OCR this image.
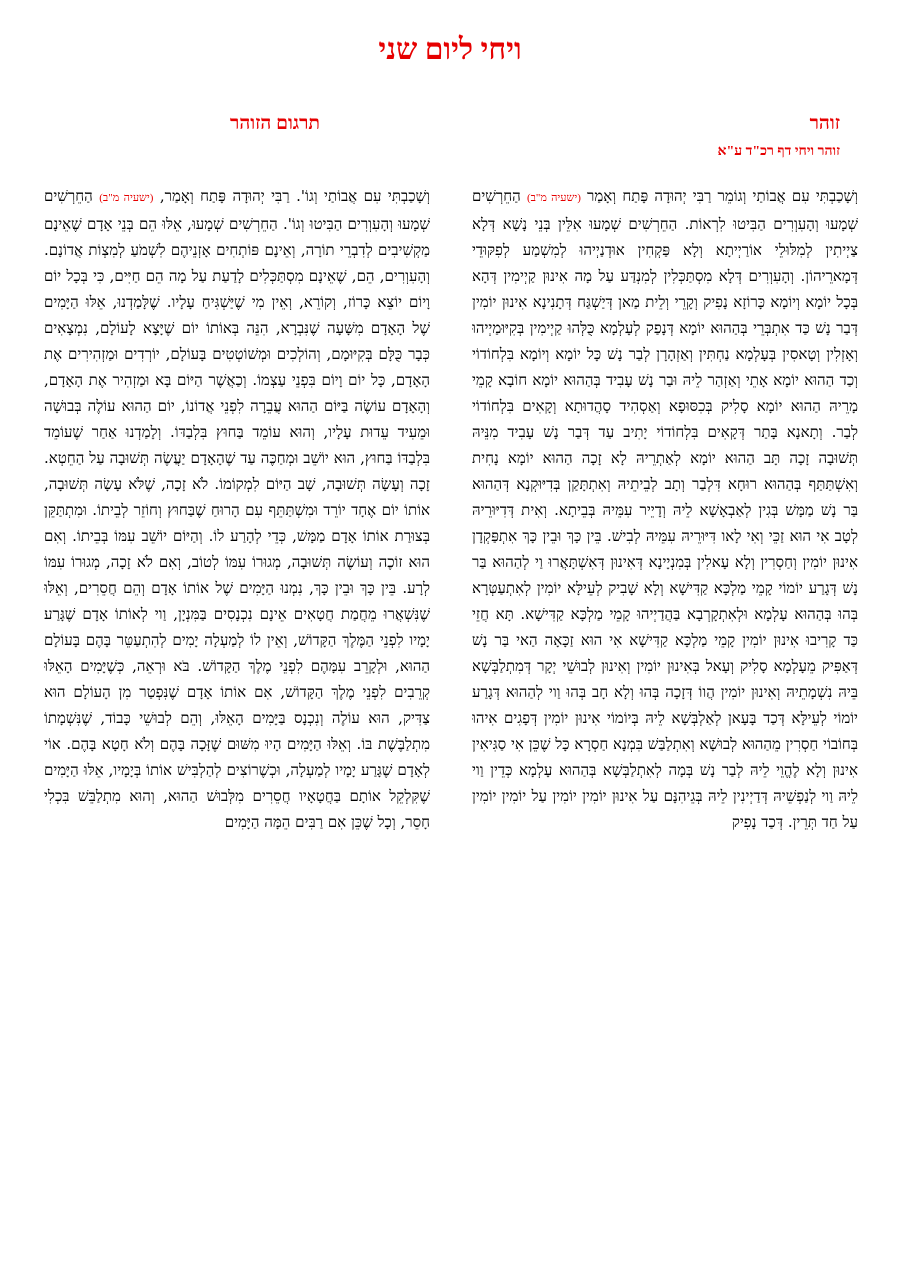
ויחי ליום שני
זוהר
תרגום הזוהר
זוהר ויחי דף רכ"ד ע"א

וְשָׁכַבְתִּי עִם אֲבוֹתַי וְגוֹמֵר רַבִּי יְהוּדָה פָּתַח וְאָמַר (ישעיה מ"ב) הַחֵרְשִׁים שְׁמָעוּ וְהָעִוְרִים הַבִּיטוּ לִרְאוֹת. הַחֵרְשִׁים שְׁמָעוּ אִלֵּין בְּנֵי נָשָׁא דְּלָא צַיְיתִין לְמִלּוּלֵי אוֹרַיְיתָא וְלָא פַּקְחִין אוּדְנַיְיהוּ לְמִשְׁמַע לְפִקּוּדֵי דְּמָארֵיהוֹן. וְהָעִוְרִים דְּלָא מִסְתַּכְּלִין לְמִנְדַּע עַל מָה אִינוּן קַיְימִין דְּהָא בְּכָל יוֹמָא וְיוֹמָא כָּרוֹזָא נָפִיק וְקָרֵי וְלֵית מַאן דְּיַשְׁגַּח דְּתָנִינָא אִינוּן יוֹמִין דְּבַר נָשׁ כַּד אִתְבְּרֵי בְּהַהוּא יוֹמָא דְּנָפַק לְעָלְמָא כֻּלְּהוּ קַיְימִין בְּקִיּוּמַיְיהוּ וְאָזְלִין וְטָאסִין בְּעָלְמָא נַחְתִּין וְאַזְהָרָן לְבַר נָשׁ כָּל יוֹמָא וְיוֹמָא בִּלְחוֹדוֹי וְכַד הַהוּא יוֹמָא אָתֵי וְאַזְהַר לֵיהּ וּבַר נָשׁ עָבִיד בְּהַהוּא יוֹמָא חוֹבָא קָמֵי מָרֵיהּ הַהוּא יוֹמָא סָלִיק בְּכִסּוּפָא וְאַסְהִיד סָהֲדוּתָא וְקָאִים בִּלְחוֹדוֹי לְבַר. וְתָאנָא בָּתַר דְּקָאִים בִּלְחוֹדוֹי יָתִיב עַד דְּבַר נָשׁ עָבִיד מִנֵּיהּ תְּשׁוּבָה זָכָה תָּב הַהוּא יוֹמָא לְאַתְרֵיהּ לָא זָכָה הַהוּא יוֹמָא נָחִית וְאִשְׁתַּתַּף בְּהַהוּא רוּחָא דִּלְבַר וְתָב לְבֵיתֵיהּ וְאִתְתָּקַן בְּדִיּוּקְנָא דְּהַהוּא בַּר נָשׁ מַמָּשׁ בְּגִין לְאַבְאָשָׁא לֵיהּ וְדָיֵיר עִמֵּיהּ בְּבֵיתָא. וְאִית דְּדִיּוּרֵיהּ לְטָב אִי הוּא זַכֵּי וְאִי לָאו דִּיּוּרֵיהּ עִמֵּיהּ לְבִישׁ. בֵּין כָּךְ וּבֵין כָּךְ אִתְפַּקְדָן אִינוּן יוֹמִין וְחַסְרִין וְלָא עָאלִין בְּמִנְיָינָא דְּאִינוּן דְּאִשְׁתָּאֲרוּ וַי לְהַהוּא בַּר נָשׁ דְּגָרַע יוֹמוֹי קָמֵי מַלְכָּא קַדִּישָׁא וְלָא שָׁבִיק לְעֵילָּא יוֹמִין לְאִתְעַטְּרָא בְּהוּ בְּהַהוּא עָלְמָא וּלְאִתְקָרְבָא בַּהֲדַיְיהוּ קָמֵי מַלְכָּא קַדִּישָׁא. תָּא חֲזֵי כַּד קָרִיבוּ אִינוּן יוֹמִין קָמֵי מַלְכָּא קַדִּישָׁא אִי הוּא זַכָּאָה הַאי בַּר נָשׁ דְּאַפִּיק מֵעָלְמָא סָלִיק וְעָאל בְּאִינוּן יוֹמִין וְאִינוּן לְבוּשֵׁי יְקָר דְּמִתְלַבְּשָׁא בֵּיהּ נִשְׁמָתֵיהּ וְאִינוּן יוֹמִין הֲווֹ דְּזָכָה בְּהוּ וְלָא חָב בְּהוּ וַוי לְהַהוּא דְּגָרַע יוֹמוֹי לְעֵילָּא דְּכַד בָּעָאן לְאַלְבְּשָׁא לֵיהּ בְּיוֹמוֹי אִינוּן יוֹמִין דְּפָגִים אִיהוּ בְּחוֹבוֹי חַסְרִין מֵהַהוּא לְבוּשָׁא וְאִתְלַבַּשׁ בִּמְנָא חַסְרָא כָּל שֶׁכֵּן אִי סַגִּיאִין אִינוּן וְלָא לֶהֱוֵי לֵיהּ לְבַר נָשׁ בְּמָה לְאִתְלַבְּשָׁא בְּהַהוּא עָלְמָא כְּדֵין וַוי לֵיהּ וַוי לְנַפְשֵׁיהּ דְּדַיְינִין לֵיהּ בְּגֵיהִנָּם עַל אִינוּן יוֹמִין יוֹמִין עַל יוֹמִין יוֹמִין עַל חַד תְּרֵין. דְּכַד נָפִיק

וְשָׁכַבְתִּי עִם אֲבוֹתַי וְגוֹ'. רַבִּי יְהוּדָה פָּתַח וְאָמַר, (ישעיה מ"ב) הַחֵרְשִׁים שְׁמָעוּ וְהָעִוְרִים הַבִּיטוּ וְגוֹ'. הַחֵרְשִׁים שְׁמָעוּ, אֵלּוּ הֵם בְּנֵי אָדָם שֶׁאֵינָם מַקְשִׁיבִים לְדִבְרֵי תוֹרָה, וְאֵינָם פּוֹתְחִים אָזְנֵיהֶם לִשְׁמֹעַ לְמִצְוֹת אֲדוֹנָם. וְהָעִוְרִים, הֵם, שֶׁאֵינָם מִסְתַּכְּלִים לָדַעַת עַל מָה הֵם חַיִּים, כִּי בְּכָל יוֹם וָיוֹם יוֹצֵא כָּרוֹז, וְקוֹרֵא, וְאֵין מִי שֶׁיַּשְׁגִּיחַ עָלָיו. שֶׁלָּמַדְנוּ, אֵלּוּ הַיָּמִים שֶׁל הָאָדָם מִשָּׁעָה שֶׁנִּבְרָא, הִנֵּה בְּאוֹתוֹ יוֹם שֶׁיָּצָא לָעוֹלָם, נִמְצָאִים כְּבָר כֻּלָּם בְּקִיּוּמָם, וְהוֹלְכִים וּמְשׁוֹטְטִים בָּעוֹלָם, יוֹרְדִים וּמַזְהִירִים אֶת הָאָדָם, כָּל יוֹם וָיוֹם בִּפְנֵי עַצְמוֹ. וְכַאֲשֶׁר הַיּוֹם בָּא וּמַזְהִיר אֶת הָאָדָם, וְהָאָדָם עוֹשֶׂה בַּיּוֹם הַהוּא עֲבֵרָה לִפְנֵי אֲדוֹנוֹ, יוֹם הַהוּא עוֹלֶה בְּבוּשָׁה וּמֵעִיד עֵדוּת עָלָיו, וְהוּא עוֹמֵד בַּחוּץ בִּלְבַדּוֹ. וְלָמַדְנוּ אַחַר שֶׁעוֹמֵד בִּלְבַדּוֹ בַּחוּץ, הוּא יוֹשֵׁב וּמְחַכֶּה עַד שֶׁהָאָדָם יַעֲשֶׂה תְּשׁוּבָה עַל הַחֵטְא. זָכָה וְעָשָׂה תְּשׁוּבָה, שָׁב הַיּוֹם לִמְקוֹמוֹ. לֹא זָכָה, שֶׁלֹּא עָשָׂה תְּשׁוּבָה, אוֹתוֹ יוֹם אֶחָד יוֹרֵד וּמִשְׁתַּתֵּף עִם הָרוּחַ שֶׁבַּחוּץ וְחוֹזֵר לְבֵיתוֹ. וּמִתְתַּקֵּן בְּצוּרַת אוֹתוֹ אָדָם מַמָּשׁ, כְּדֵי לְהָרַע לוֹ. וְהַיּוֹם יוֹשֵׁב עִמּוֹ בְּבֵיתוֹ. וְאִם הוּא זוֹכֶה וְעוֹשֶׂה תְּשׁוּבָה, מְגוּרוֹ עִמּוֹ לְטוֹב, וְאִם לֹא זָכָה, מְגוּרוֹ עִמּוֹ לְרָע. בֵּין כָּךְ וּבֵין כָּךְ, נִמְנוּ הַיָּמִים שֶׁל אוֹתוֹ אָדָם וְהֵם חֲסֵרִים, וְאֵלּוּ שֶׁנִּשְׁאֲרוּ מֵחֲמַת חֲטָאִים אֵינָם נִכְנָסִים בַּמִּנְיָן, וַוי לְאוֹתוֹ אָדָם שֶׁגָּרַע יָמָיו לִפְנֵי הַמֶּלֶךְ הַקָּדוֹשׁ, וְאֵין לוֹ לְמַעְלָה יָמִים לְהִתְעַטֵּר בָּהֶם בָּעוֹלָם הַהוּא, וּלְקָרֵב עִמָּהֶם לִפְנֵי מֶלֶךְ הַקָּדוֹשׁ. בֹּא וּרְאֵה, כְּשֶׁיָּמִים הָאֵלּוּ קְרֵבִים לִפְנֵי מֶלֶךְ הַקָּדוֹשׁ, אִם אוֹתוֹ אָדָם שֶׁנִּפְטַר מִן הָעוֹלָם הוּא צַדִּיק, הוּא עוֹלֶה וְנִכְנָס בַּיָּמִים הָאֵלּוּ, וְהֵם לְבוּשֵׁי כָּבוֹד, שֶׁנִּשְׁמָתוֹ מִתְלַבֶּשֶׁת בּוֹ. וְאֵלּוּ הַיָּמִים הָיוּ מִשּׁוּם שֶׁזָּכָה בָּהֶם וְלֹא חָטָא בָּהֶם. אוֹי לְאָדָם שֶׁגָּרַע יָמָיו לְמַעְלָה, וּכְשֶׁרוֹצִים לְהַלְבִּישׁ אוֹתוֹ בְּיָמָיו, אֵלּוּ הַיָּמִים שֶׁקִּלְקֵל אוֹתָם בַּחֲטָאָיו חֲסֵרִים מִלְּבוּשׁ הַהוּא, וְהוּא מִתְלַבֵּשׁ בִּכְלִי חָסֵר, וְכָל שֶׁכֵּן אִם רַבִּים הֵמָּה הַיָּמִים
